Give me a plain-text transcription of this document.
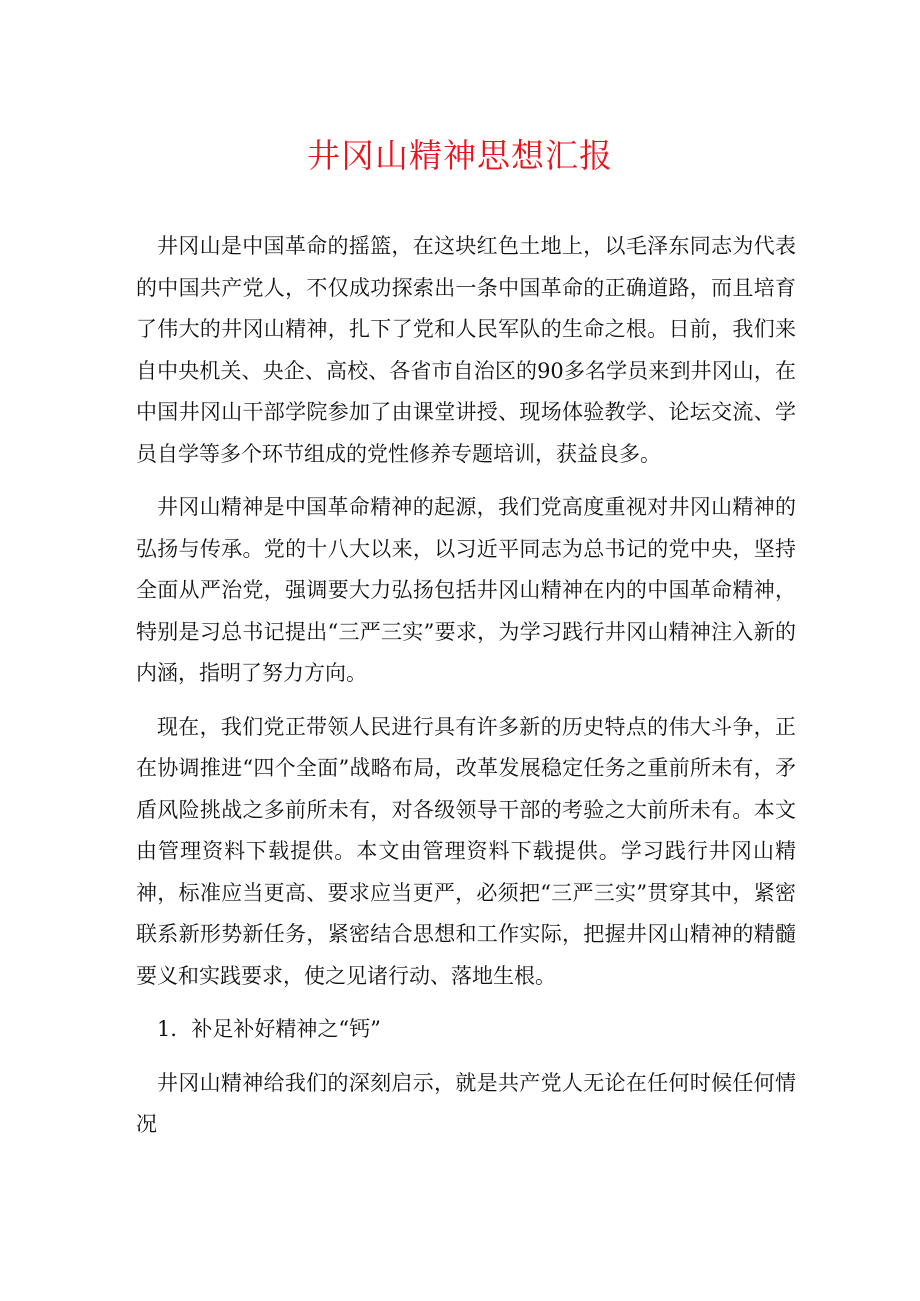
井冈山精神思想汇报

井冈山是中国革命的摇篮，在这块红色土地上，以毛泽东同志为代表的中国共产党人，不仅成功探索出一条中国革命的正确道路，而且培育了伟大的井冈山精神，扎下了党和人民军队的生命之根。日前，我们来自中央机关、央企、高校、各省市自治区的90多名学员来到井冈山，在中国井冈山干部学院参加了由课堂讲授、现场体验教学、论坛交流、学员自学等多个环节组成的党性修养专题培训，获益良多。

井冈山精神是中国革命精神的起源，我们党高度重视对井冈山精神的弘扬与传承。党的十八大以来，以习近平同志为总书记的党中央，坚持全面从严治党，强调要大力弘扬包括井冈山精神在内的中国革命精神，特别是习总书记提出“三严三实”要求，为学习践行井冈山精神注入新的内涵，指明了努力方向。

现在，我们党正带领人民进行具有许多新的历史特点的伟大斗争，正在协调推进“四个全面”战略布局，改革发展稳定任务之重前所未有，矛盾风险挑战之多前所未有，对各级领导干部的考验之大前所未有。本文由管理资料下载提供。本文由管理资料下载提供。学习践行井冈山精神，标准应当更高、要求应当更严，必须把“三严三实”贯穿其中，紧密联系新形势新任务，紧密结合思想和工作实际，把握井冈山精神的精髓要义和实践要求，使之见诸行动、落地生根。

1．补足补好精神之“钙”

井冈山精神给我们的深刻启示，就是共产党人无论在任何时候任何情况
